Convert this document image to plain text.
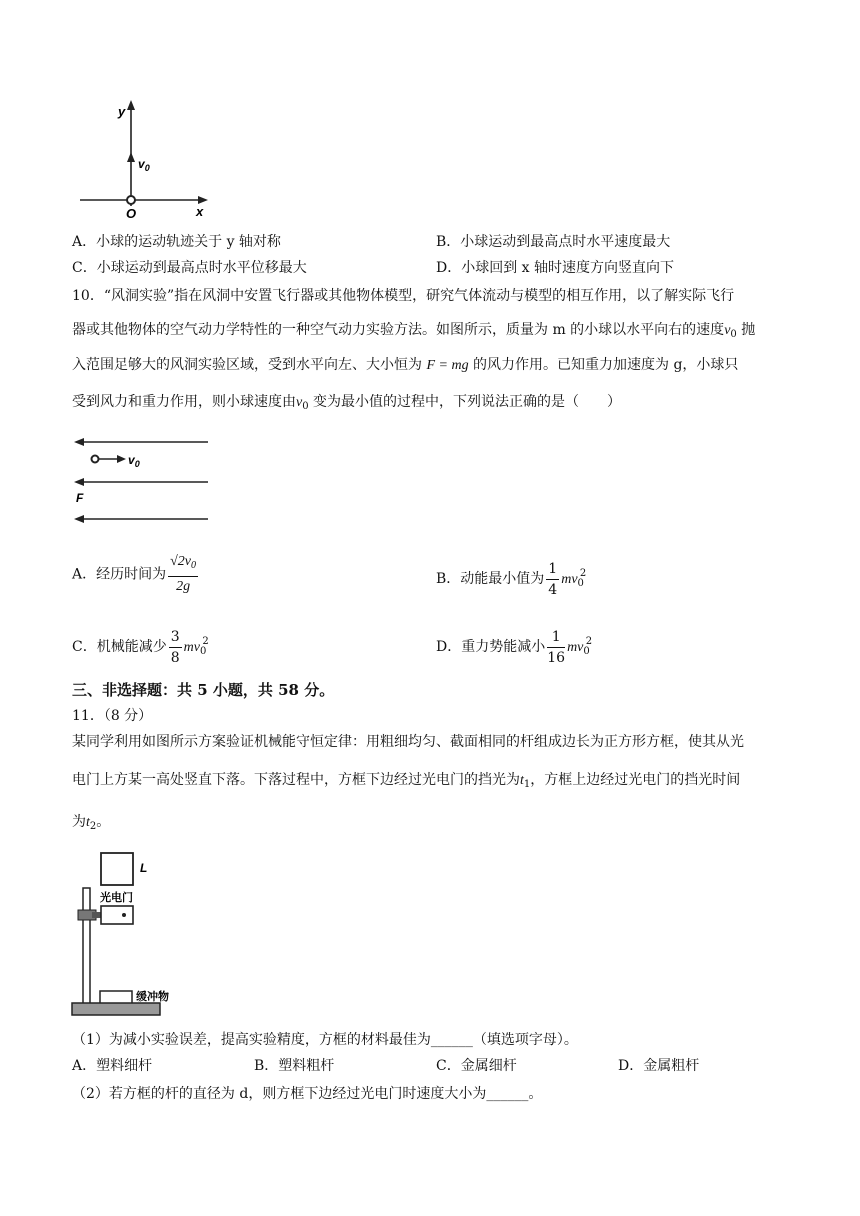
y
x
O
$v_0$
A．小球的运动轨迹关于 y 轴对称	B．小球运动到最高点时水平速度最大
C．小球运动到最高点时水平位移最大	D．小球回到 x 轴时速度方向竖直向下
10．“风洞实验”指在风洞中安置飞行器或其他物体模型，研究气体流动与模型的相互作用，以了解实际飞行
器或其他物体的空气动力学特性的一种空气动力实验方法。如图所示，质量为 m 的小球以水平向右的速度$v_0$ 抛
入范围足够大的风洞实验区域，受到水平向左、大小恒为 F = mg 的风力作用。已知重力加速度为 g，小球只
受到风力和重力作用，则小球速度由$v_0$ 变为最小值的过程中，下列说法正确的是（　　）
$v_0$
F
A．经历时间为 $\frac{√2v_0}{2g}$	B．动能最小值为 $\frac{1}{4} mv_0^2$
C．机械能减少 $\frac{3}{8} mv_0^2$	D．重力势能减小 $\frac{1}{16} mv_0^2$
三、非选择题：共 5 小题，共 58 分。
11．（8 分）
某同学利用如图所示方案验证机械能守恒定律：用粗细均匀、截面相同的杆组成边长为正方形方框，使其从光
电门上方某一高处竖直下落。下落过程中，方框下边经过光电门的挡光为$t_1$，方框上边经过光电门的挡光时间
为$t_2$。
L
光电门
缓冲物
（1）为减小实验误差，提高实验精度，方框的材料最佳为______（填选项字母）。
A．塑料细杆	B．塑料粗杆	C．金属细杆	D．金属粗杆
（2）若方框的杆的直径为 d，则方框下边经过光电门时速度大小为______。
